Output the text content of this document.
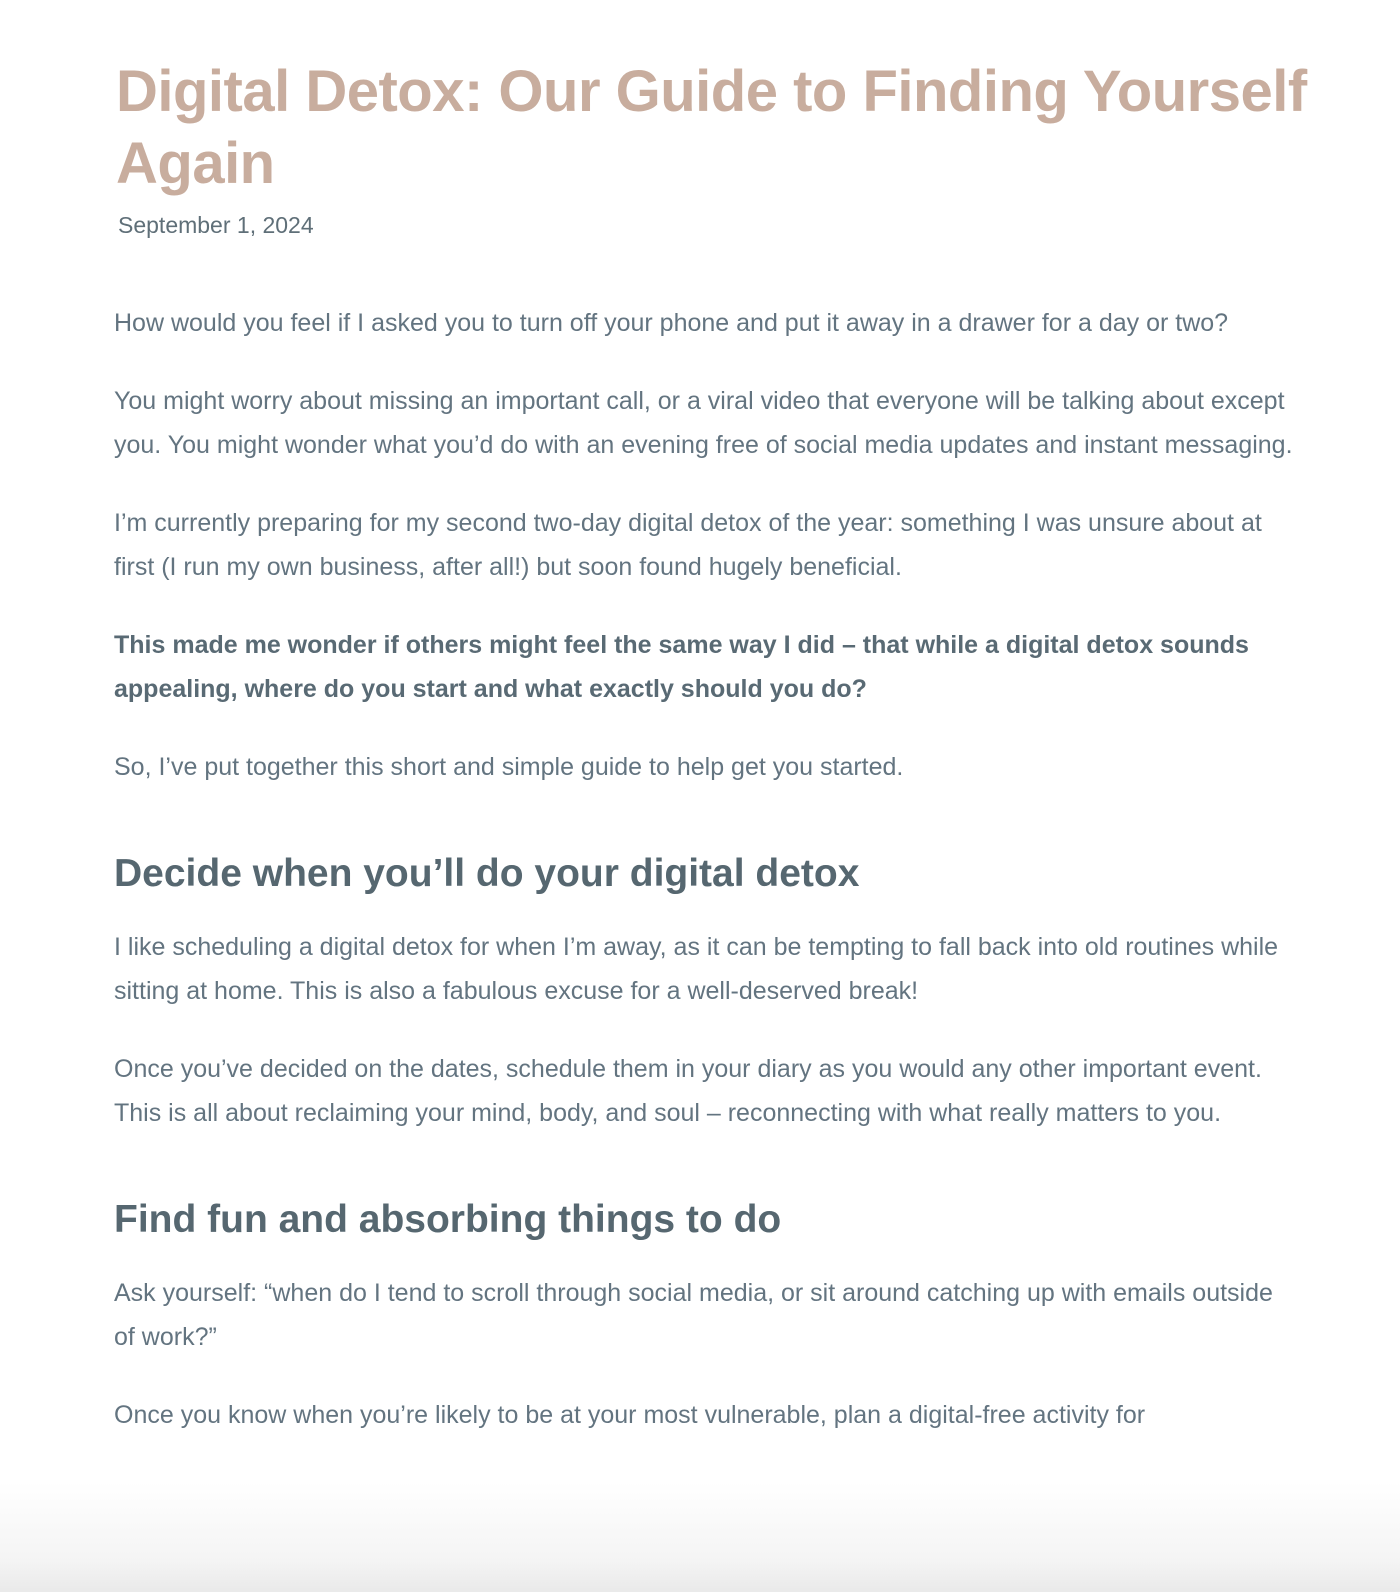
Digital Detox: Our Guide to Finding Yourself Again
September 1, 2024

How would you feel if I asked you to turn off your phone and put it away in a drawer for a day or two?

You might worry about missing an important call, or a viral video that everyone will be talking about except you. You might wonder what you’d do with an evening free of social media updates and instant messaging.

I’m currently preparing for my second two-day digital detox of the year: something I was unsure about at first (I run my own business, after all!) but soon found hugely beneficial.

This made me wonder if others might feel the same way I did – that while a digital detox sounds appealing, where do you start and what exactly should you do?

So, I’ve put together this short and simple guide to help get you started.

Decide when you’ll do your digital detox

I like scheduling a digital detox for when I’m away, as it can be tempting to fall back into old routines while sitting at home. This is also a fabulous excuse for a well-deserved break!

Once you’ve decided on the dates, schedule them in your diary as you would any other important event. This is all about reclaiming your mind, body, and soul – reconnecting with what really matters to you.

Find fun and absorbing things to do

Ask yourself: “when do I tend to scroll through social media, or sit around catching up with emails outside of work?”

Once you know when you’re likely to be at your most vulnerable, plan a digital-free activity for
